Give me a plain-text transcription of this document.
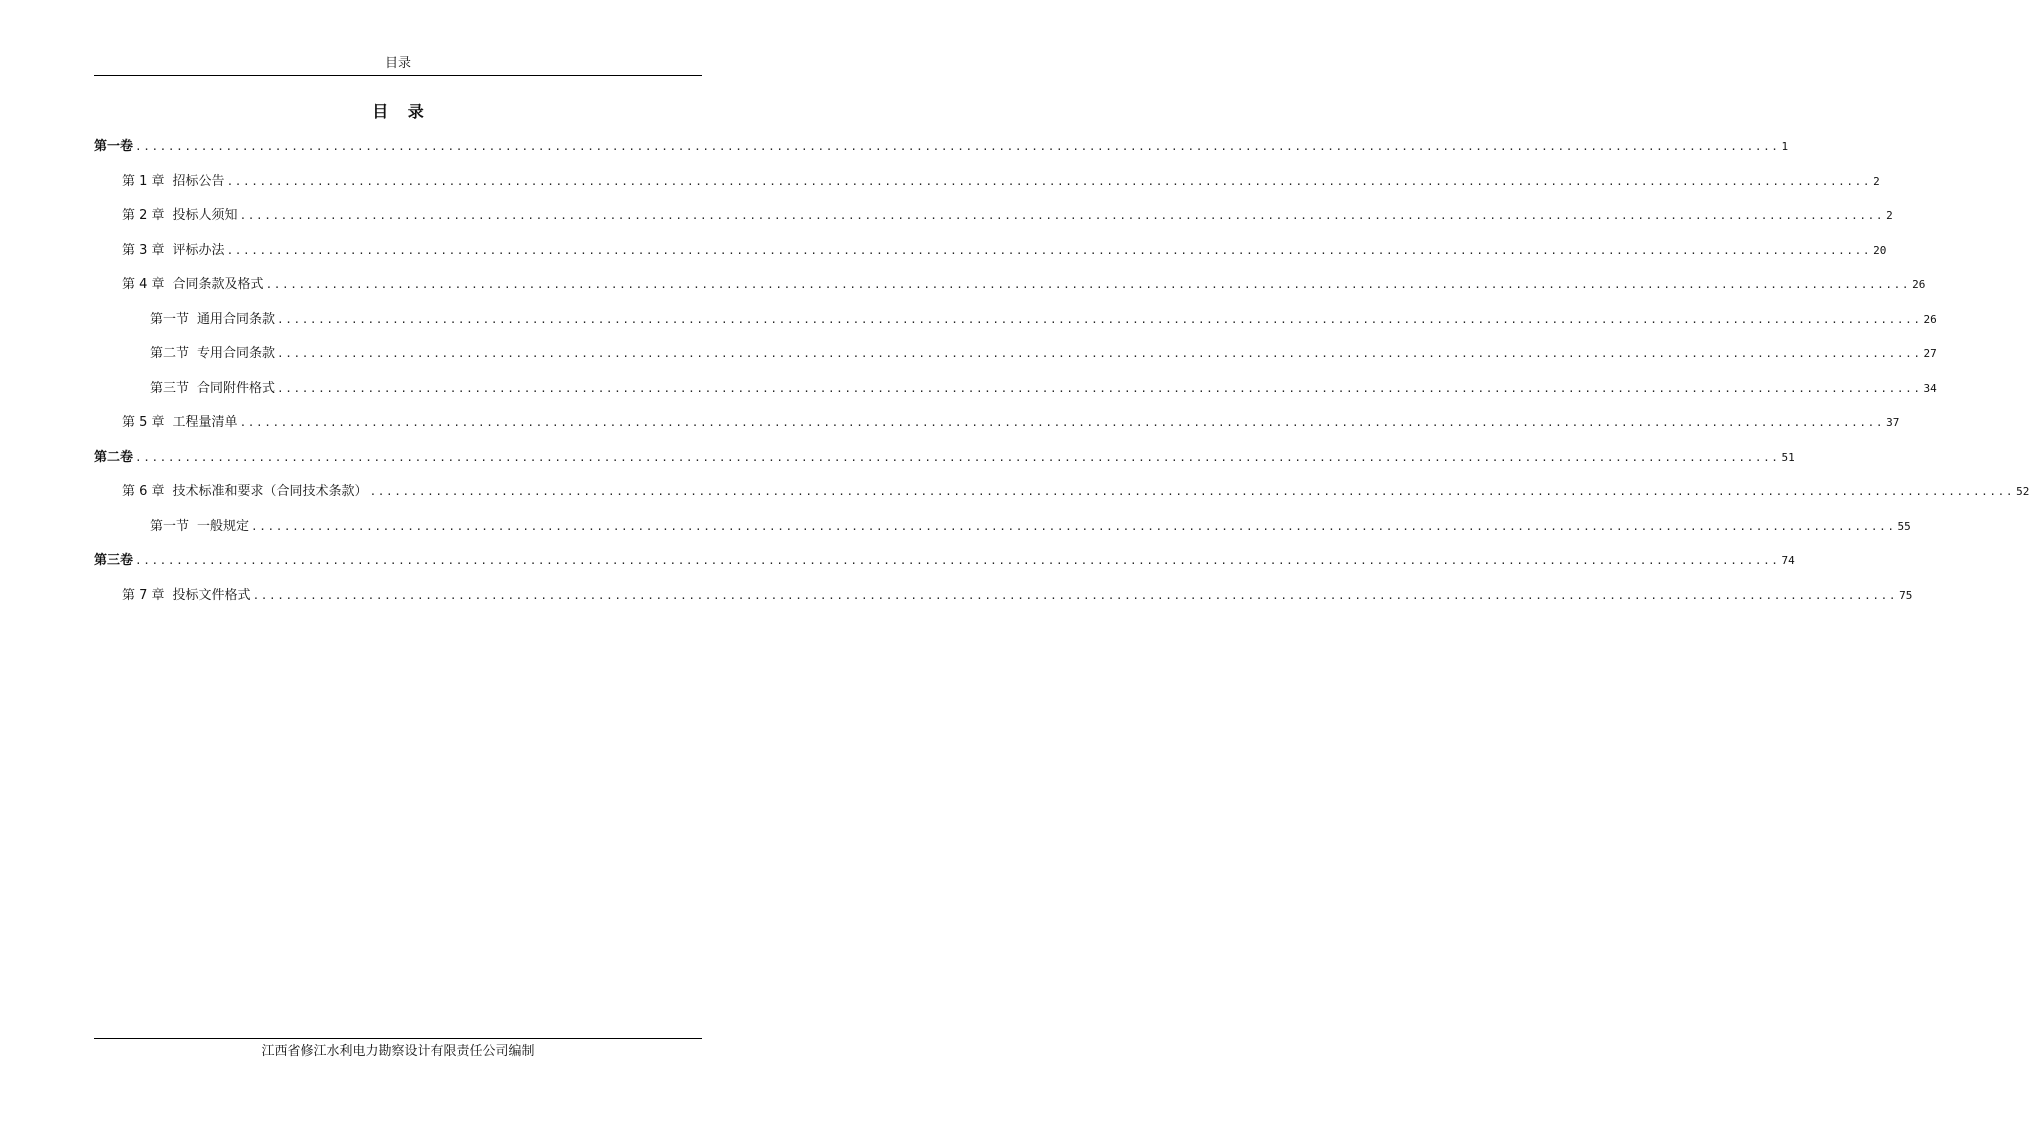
目录
目 录
第一卷 ........................................................................................................................................................................................................ 1
第 1 章 招标公告 ........................................................................................................................................................................................................ 2
第 2 章 投标人须知 ........................................................................................................................................................................................................ 2
第 3 章 评标办法 ........................................................................................................................................................................................................ 20
第 4 章 合同条款及格式 ........................................................................................................................................................................................................ 26
第一节 通用合同条款 ........................................................................................................................................................................................................ 26
第二节 专用合同条款 ........................................................................................................................................................................................................ 27
第三节 合同附件格式 ........................................................................................................................................................................................................ 34
第 5 章 工程量清单 ........................................................................................................................................................................................................ 37
第二卷 ........................................................................................................................................................................................................ 51
第 6 章 技术标准和要求（合同技术条款） ........................................................................................................................................................................................................ 52
第一节 一般规定 ........................................................................................................................................................................................................ 55
第三卷 ........................................................................................................................................................................................................ 74
第 7 章 投标文件格式 ........................................................................................................................................................................................................ 75
江西省修江水利电力勘察设计有限责任公司编制
